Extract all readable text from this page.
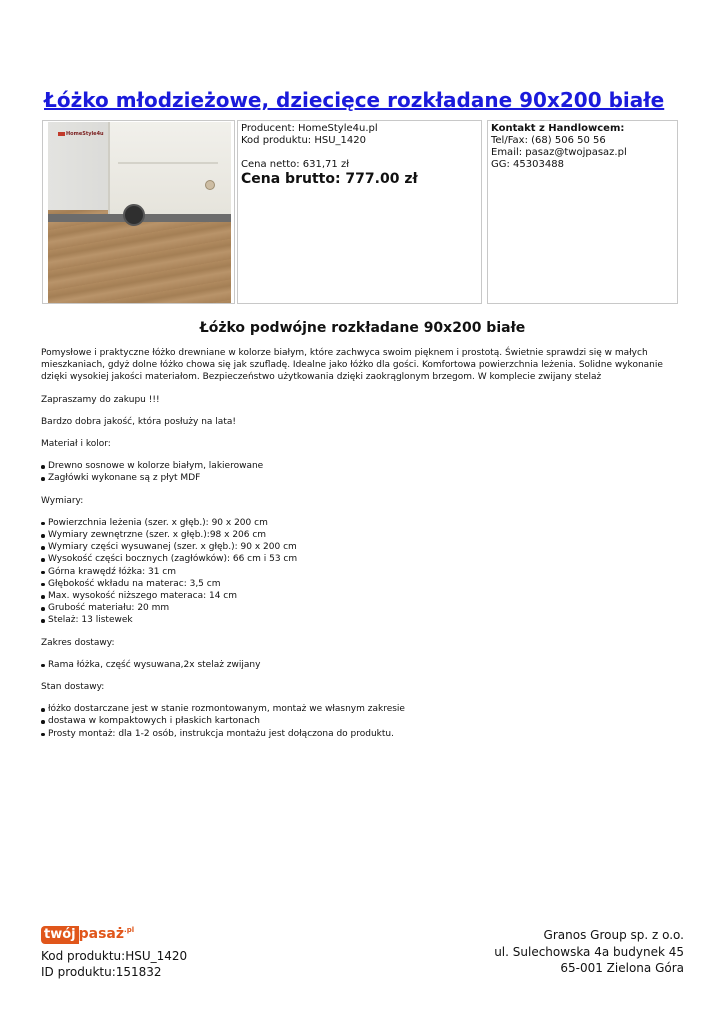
Łóżko młodzieżowe, dziecięce rozkładane 90x200 białe
HomeStyle4u	Producent: HomeStyle4u.pl
Kod produktu: HSU_1420
Cena netto: 631,71 zł
Cena brutto: 777.00 zł
Kontakt z Handlowcem:
Tel/Fax: (68) 506 50 56
Email: pasaz@twojpasaz.pl
GG: 45303488
Łóżko podwójne rozkładane 90x200 białe

Pomysłowe i praktyczne łóżko drewniane w kolorze białym, które zachwyca swoim pięknem i prostotą. Świetnie sprawdzi się w małych mieszkaniach, gdyż dolne łóżko chowa się jak szufladę. Idealne jako łóżko dla gości. Komfortowa powierzchnia leżenia. Solidne wykonanie dzięki wysokiej jakości materiałom. Bezpieczeństwo użytkowania dzięki zaokrąglonym brzegom. W komplecie zwijany stelaż

Zapraszamy do zakupu !!!

Bardzo dobra jakość, która posłuży na lata!

Materiał i kolor:

Drewno sosnowe w kolorze białym, lakierowane
Zagłówki wykonane są z płyt MDF

Wymiary:

Powierzchnia leżenia (szer. x głęb.): 90 x 200 cm
Wymiary zewnętrzne (szer. x głęb.):98 x 206 cm
Wymiary części wysuwanej (szer. x głęb.): 90 x 200 cm
Wysokość części bocznych (zagłówków): 66 cm i 53 cm
Górna krawędź łóżka: 31 cm
Głębokość wkładu na materac: 3,5 cm
Max. wysokość niższego materaca: 14 cm
Grubość materiału: 20 mm
Stelaż: 13 listewek

Zakres dostawy:

Rama łóżka, część wysuwana,2x stelaż zwijany

Stan dostawy:

łóżko dostarczane jest w stanie rozmontowanym, montaż we własnym zakresie
dostawa w kompaktowych i płaskich kartonach
Prosty montaż: dla 1-2 osób, instrukcja montażu jest dołączona do produktu.
twój pasaż$^{.pl}$
Kod produktu:HSU_1420
ID produktu:151832
Granos Group sp. z o.o.
ul. Sulechowska 4a budynek 45
65-001 Zielona Góra
